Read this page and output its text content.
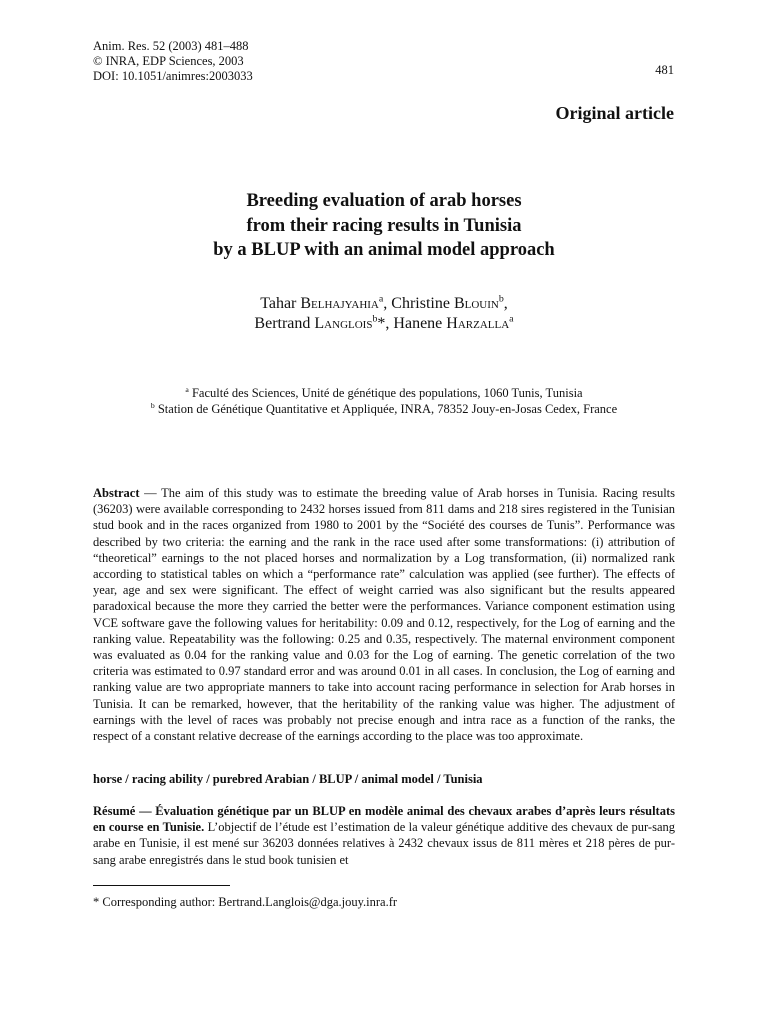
Anim. Res. 52 (2003) 481–488
© INRA, EDP Sciences, 2003
DOI: 10.1051/animres:2003033	481
Original article
Breeding evaluation of arab horses
from their racing results in Tunisia
by a BLUP with an animal model approach
Tahar Belhajyahia$^a$, Christine Blouin$^b$,
Bertrand Langlois$^b$*, Hanene Harzalla$^a$
$^a$ Faculté des Sciences, Unité de génétique des populations, 1060 Tunis, Tunisia
$^b$ Station de Génétique Quantitative et Appliquée, INRA, 78352 Jouy-en-Josas Cedex, France

Abstract — The aim of this study was to estimate the breeding value of Arab horses in Tunisia. Racing results (36203) were available corresponding to 2432 horses issued from 811 dams and 218 sires registered in the Tunisian stud book and in the races organized from 1980 to 2001 by the “Société des courses de Tunis”. Performance was described by two criteria: the earning and the rank in the race used after some transformations: (i) attribution of “theoretical” earnings to the not placed horses and normalization by a Log transformation, (ii) normalized rank according to statistical tables on which a “performance rate” calculation was applied (see further). The effects of year, age and sex were significant. The effect of weight carried was also significant but the results appeared paradoxical because the more they carried the better were the performances. Variance component estimation using VCE software gave the following values for heritability: 0.09 and 0.12, respectively, for the Log of earning and the ranking value. Repeatability was the following: 0.25 and 0.35, respectively. The maternal environment component was evaluated as 0.04 for the ranking value and 0.03 for the Log of earning. The genetic correlation of the two criteria was estimated to 0.97 standard error and was around 0.01 in all cases. In conclusion, the Log of earning and ranking value are two appropriate manners to take into account racing performance in selection for Arab horses in Tunisia. It can be remarked, however, that the heritability of the ranking value was higher. The adjustment of earnings with the level of races was probably not precise enough and intra race as a function of the ranks, the respect of a constant relative decrease of the earnings according to the place was too approximate.

horse / racing ability / purebred Arabian / BLUP / animal model / Tunisia
Résumé — Évaluation génétique par un BLUP en modèle animal des chevaux arabes d’après leurs résultats en course en Tunisie. L’objectif de l’étude est l’estimation de la valeur génétique additive des chevaux de pur-sang arabe en Tunisie, il est mené sur 36203 données relatives à 2432 chevaux issus de 811 mères et 218 pères de pur-sang arabe enregistrés dans le stud book tunisien et
* Corresponding author: Bertrand.Langlois@dga.jouy.inra.fr
